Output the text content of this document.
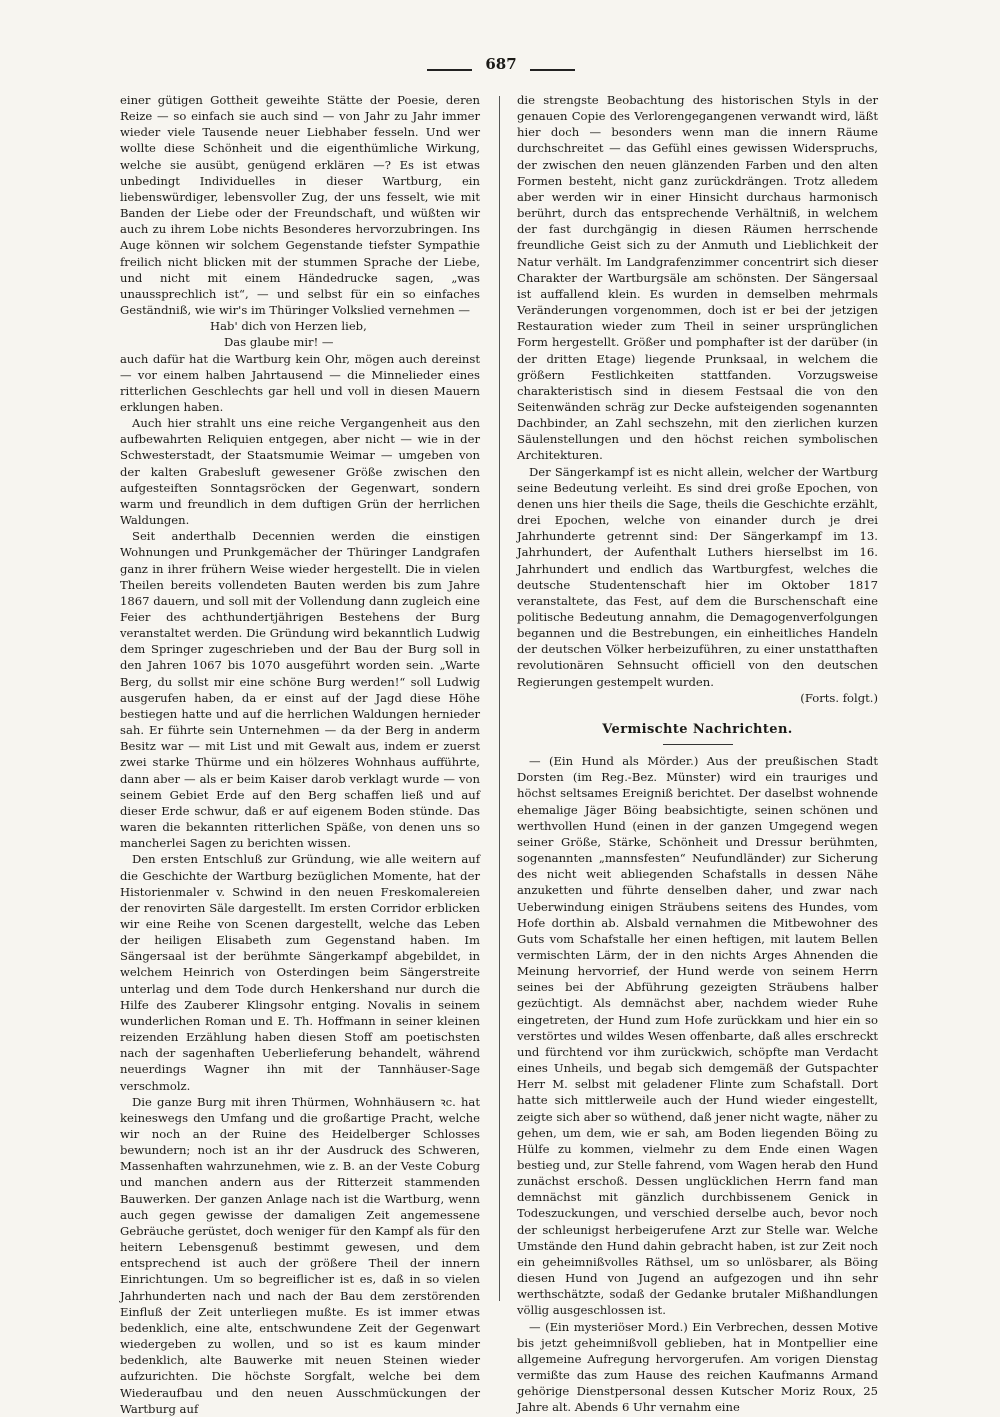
687

einer gütigen Gottheit geweihte Stätte der Poesie, deren Reize — so einfach sie auch sind — von Jahr zu Jahr immer wieder viele Tausende neuer Liebhaber fesseln. Und wer wollte diese Schönheit und die eigenthümliche Wirkung, welche sie ausübt, genügend erklären —? Es ist etwas unbedingt Individuelles in dieser Wartburg, ein liebenswürdiger, lebensvoller Zug, der uns fesselt, wie mit Banden der Liebe oder der Freundschaft, und wüßten wir auch zu ihrem Lobe nichts Besonderes hervorzubringen. Ins Auge können wir solchem Gegenstande tiefster Sympathie freilich nicht blicken mit der stummen Sprache der Liebe, und nicht mit einem Händedrucke sagen, „was unaussprechlich ist“, — und selbst für ein so einfaches Geständniß, wie wir's im Thüringer Volkslied vernehmen —

Hab' dich von Herzen lieb,

Das glaube mir! —

auch dafür hat die Wartburg kein Ohr, mögen auch dereinst — vor einem halben Jahrtausend — die Minnelieder eines ritterlichen Geschlechts gar hell und voll in diesen Mauern erklungen haben.

Auch hier strahlt uns eine reiche Vergangenheit aus den aufbewahrten Reliquien entgegen, aber nicht — wie in der Schwesterstadt, der Staatsmumie Weimar — umgeben von der kalten Grabesluft gewesener Größe zwischen den aufgesteiften Sonntagsröcken der Gegenwart, sondern warm und freundlich in dem duftigen Grün der herrlichen Waldungen.

Seit anderthalb Decennien werden die einstigen Wohnungen und Prunkgemächer der Thüringer Landgrafen ganz in ihrer frühern Weise wieder hergestellt. Die in vielen Theilen bereits vollendeten Bauten werden bis zum Jahre 1867 dauern, und soll mit der Vollendung dann zugleich eine Feier des achthundertjährigen Bestehens der Burg veranstaltet werden. Die Gründung wird bekanntlich Ludwig dem Springer zugeschrieben und der Bau der Burg soll in den Jahren 1067 bis 1070 ausgeführt worden sein. „Warte Berg, du sollst mir eine schöne Burg werden!“ soll Ludwig ausgerufen haben, da er einst auf der Jagd diese Höhe bestiegen hatte und auf die herrlichen Waldungen hernieder sah. Er führte sein Unternehmen — da der Berg in anderm Besitz war — mit List und mit Gewalt aus, indem er zuerst zwei starke Thürme und ein hölzeres Wohnhaus aufführte, dann aber — als er beim Kaiser darob verklagt wurde — von seinem Gebiet Erde auf den Berg schaffen ließ und auf dieser Erde schwur, daß er auf eigenem Boden stünde. Das waren die bekannten ritterlichen Späße, von denen uns so mancherlei Sagen zu berichten wissen.

Den ersten Entschluß zur Gründung, wie alle weitern auf die Geschichte der Wartburg bezüglichen Momente, hat der Historienmaler v. Schwind in den neuen Freskomalereien der renovirten Säle dargestellt. Im ersten Corridor erblicken wir eine Reihe von Scenen dargestellt, welche das Leben der heiligen Elisabeth zum Gegenstand haben. Im Sängersaal ist der berühmte Sängerkampf abgebildet, in welchem Heinrich von Osterdingen beim Sängerstreite unterlag und dem Tode durch Henkershand nur durch die Hilfe des Zauberer Klingsohr entging. Novalis in seinem wunderlichen Roman und E. Th. Hoffmann in seiner kleinen reizenden Erzählung haben diesen Stoff am poetischsten nach der sagenhaften Ueberlieferung behandelt, während neuerdings Wagner ihn mit der Tannhäuser-Sage verschmolz.

Die ganze Burg mit ihren Thürmen, Wohnhäusern ꝛc. hat keineswegs den Umfang und die großartige Pracht, welche wir noch an der Ruine des Heidelberger Schlosses bewundern; noch ist an ihr der Ausdruck des Schweren, Massenhaften wahrzunehmen, wie z. B. an der Veste Coburg und manchen andern aus der Ritterzeit stammenden Bauwerken. Der ganzen Anlage nach ist die Wartburg, wenn auch gegen gewisse der damaligen Zeit angemessene Gebräuche gerüstet, doch weniger für den Kampf als für den heitern Lebensgenuß bestimmt gewesen, und dem entsprechend ist auch der größere Theil der innern Einrichtungen. Um so begreiflicher ist es, daß in so vielen Jahrhunderten nach und nach der Bau dem zerstörenden Einfluß der Zeit unterliegen mußte. Es ist immer etwas bedenklich, eine alte, entschwundene Zeit der Gegenwart wiedergeben zu wollen, und so ist es kaum minder bedenklich, alte Bauwerke mit neuen Steinen wieder aufzurichten. Die höchste Sorgfalt, welche bei dem Wiederaufbau und den neuen Ausschmückungen der Wartburg auf

die strengste Beobachtung des historischen Styls in der genauen Copie des Verlorengegangenen verwandt wird, läßt hier doch — besonders wenn man die innern Räume durchschreitet — das Gefühl eines gewissen Widerspruchs, der zwischen den neuen glänzenden Farben und den alten Formen besteht, nicht ganz zurückdrängen. Trotz alledem aber werden wir in einer Hinsicht durchaus harmonisch berührt, durch das entsprechende Verhältniß, in welchem der fast durchgängig in diesen Räumen herrschende freundliche Geist sich zu der Anmuth und Lieblichkeit der Natur verhält. Im Landgrafenzimmer concentrirt sich dieser Charakter der Wartburgsäle am schönsten. Der Sängersaal ist auffallend klein. Es wurden in demselben mehrmals Veränderungen vorgenommen, doch ist er bei der jetzigen Restauration wieder zum Theil in seiner ursprünglichen Form hergestellt. Größer und pomphafter ist der darüber (in der dritten Etage) liegende Prunksaal, in welchem die größern Festlichkeiten stattfanden. Vorzugsweise charakteristisch sind in diesem Festsaal die von den Seitenwänden schräg zur Decke aufsteigenden sogenannten Dachbinder, an Zahl sechszehn, mit den zierlichen kurzen Säulenstellungen und den höchst reichen symbolischen Architekturen.

Der Sängerkampf ist es nicht allein, welcher der Wartburg seine Bedeutung verleiht. Es sind drei große Epochen, von denen uns hier theils die Sage, theils die Geschichte erzählt, drei Epochen, welche von einander durch je drei Jahrhunderte getrennt sind: Der Sängerkampf im 13. Jahrhundert, der Aufenthalt Luthers hierselbst im 16. Jahrhundert und endlich das Wartburgfest, welches die deutsche Studentenschaft hier im Oktober 1817 veranstaltete, das Fest, auf dem die Burschenschaft eine politische Bedeutung annahm, die Demagogenverfolgungen begannen und die Bestrebungen, ein einheitliches Handeln der deutschen Völker herbeizuführen, zu einer unstatthaften revolutionären Sehnsucht officiell von den deutschen Regierungen gestempelt wurden.

(Forts. folgt.)

Vermischte Nachrichten.

— (Ein Hund als Mörder.) Aus der preußischen Stadt Dorsten (im Reg.-Bez. Münster) wird ein trauriges und höchst seltsames Ereigniß berichtet. Der daselbst wohnende ehemalige Jäger Böing beabsichtigte, seinen schönen und werthvollen Hund (einen in der ganzen Umgegend wegen seiner Größe, Stärke, Schönheit und Dressur berühmten, sogenannten „mannsfesten“ Neufundländer) zur Sicherung des nicht weit abliegenden Schafstalls in dessen Nähe anzuketten und führte denselben daher, und zwar nach Ueberwindung einigen Sträubens seitens des Hundes, vom Hofe dorthin ab. Alsbald vernahmen die Mitbewohner des Guts vom Schafstalle her einen heftigen, mit lautem Bellen vermischten Lärm, der in den nichts Arges Ahnenden die Meinung hervorrief, der Hund werde von seinem Herrn seines bei der Abführung gezeigten Sträubens halber gezüchtigt. Als demnächst aber, nachdem wieder Ruhe eingetreten, der Hund zum Hofe zurückkam und hier ein so verstörtes und wildes Wesen offenbarte, daß alles erschreckt und fürchtend vor ihm zurückwich, schöpfte man Verdacht eines Unheils, und begab sich demgemäß der Gutspachter Herr M. selbst mit geladener Flinte zum Schafstall. Dort hatte sich mittlerweile auch der Hund wieder eingestellt, zeigte sich aber so wüthend, daß jener nicht wagte, näher zu gehen, um dem, wie er sah, am Boden liegenden Böing zu Hülfe zu kommen, vielmehr zu dem Ende einen Wagen bestieg und, zur Stelle fahrend, vom Wagen herab den Hund zunächst erschoß. Dessen unglücklichen Herrn fand man demnächst mit gänzlich durchbissenem Genick in Todeszuckungen, und verschied derselbe auch, bevor noch der schleunigst herbeigerufene Arzt zur Stelle war. Welche Umstände den Hund dahin gebracht haben, ist zur Zeit noch ein geheimnißvolles Räthsel, um so unlösbarer, als Böing diesen Hund von Jugend an aufgezogen und ihn sehr werthschätzte, sodaß der Gedanke brutaler Mißhandlungen völlig ausgeschlossen ist.

— (Ein mysteriöser Mord.) Ein Verbrechen, dessen Motive bis jetzt geheimnißvoll geblieben, hat in Montpellier eine allgemeine Aufregung hervorgerufen. Am vorigen Dienstag vermißte das zum Hause des reichen Kaufmanns Armand gehörige Dienstpersonal dessen Kutscher Moriz Roux, 25 Jahre alt. Abends 6 Uhr vernahm eine
